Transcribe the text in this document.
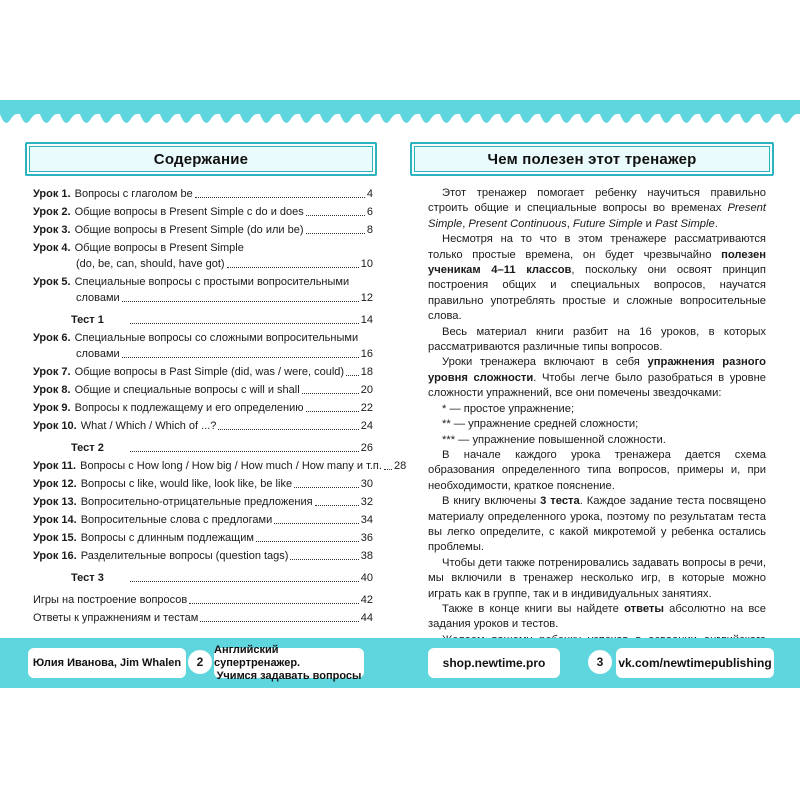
Содержание
Урок 1. Вопросы с глаголом be	4
Урок 2. Общие вопросы в Present Simple с do и does	6
Урок 3. Общие вопросы в Present Simple (do или be)	8
Урок 4. Общие вопросы в Present Simple
(do, be, can, should, have got)	10
Урок 5. Специальные вопросы с простыми вопросительными
словами	12
Тест 1	14
Урок 6. Специальные вопросы со сложными вопросительными
словами	16
Урок 7. Общие вопросы в Past Simple (did, was / were, could) 18
Урок 8. Общие и специальные вопросы с will и shall	20
Урок 9. Вопросы к подлежащему и его определению	22
Урок 10. What / Which / Which of ...?	24
Тест 2	26
Урок 11. Вопросы с How long / How big / How much / How many и т.п. 28
Урок 12. Вопросы с like, would like, look like, be like	30
Урок 13. Вопросительно-отрицательные предложения	32
Урок 14. Вопросительные слова с предлогами	34
Урок 15. Вопросы с длинным подлежащим	36
Урок 16. Разделительные вопросы (question tags)	38
Тест 3	40
Игры на построение вопросов	42
Ответы к упражнениям и тестам	44
Чем полезен этот тренажер

Этот тренажер помогает ребенку научиться правильно строить общие и специальные вопросы во временах Present Simple, Present Continuous, Future Simple и Past Simple.

Несмотря на то что в этом тренажере рассматриваются только простые времена, он будет чрезвычайно полезен ученикам 4–11 классов, поскольку они освоят принцип построения общих и специальных вопросов, научатся правильно употреблять простые и сложные вопросительные слова.

Весь материал книги разбит на 16 уроков, в которых рассматриваются различные типы вопросов.

Уроки тренажера включают в себя упражнения разного уровня сложности. Чтобы легче было разобраться в уровне сложности упражнений, все они помечены звездочками:

* — простое упражнение;

** — упражнение средней сложности;

*** — упражнение повышенной сложности.

В начале каждого урока тренажера дается схема образования определенного типа вопросов, примеры и, при необходимости, краткое пояснение.

В книгу включены 3 теста. Каждое задание теста посвящено материалу определенного урока, поэтому по результатам теста вы легко определите, с какой микротемой у ребенка остались проблемы.

Чтобы дети также потренировались задавать вопросы в речи, мы включили в тренажер несколько игр, в которые можно играть как в группе, так и в индивидуальных занятиях.

Также в конце книги вы найдете ответы абсолютно на все задания уроков и тестов.

Юлия Иванова, Jim Whalen	2
Английский супертренажер.
Учимся задавать вопросы
shop.newtime.pro	3	vk.com/newtimepublishing
